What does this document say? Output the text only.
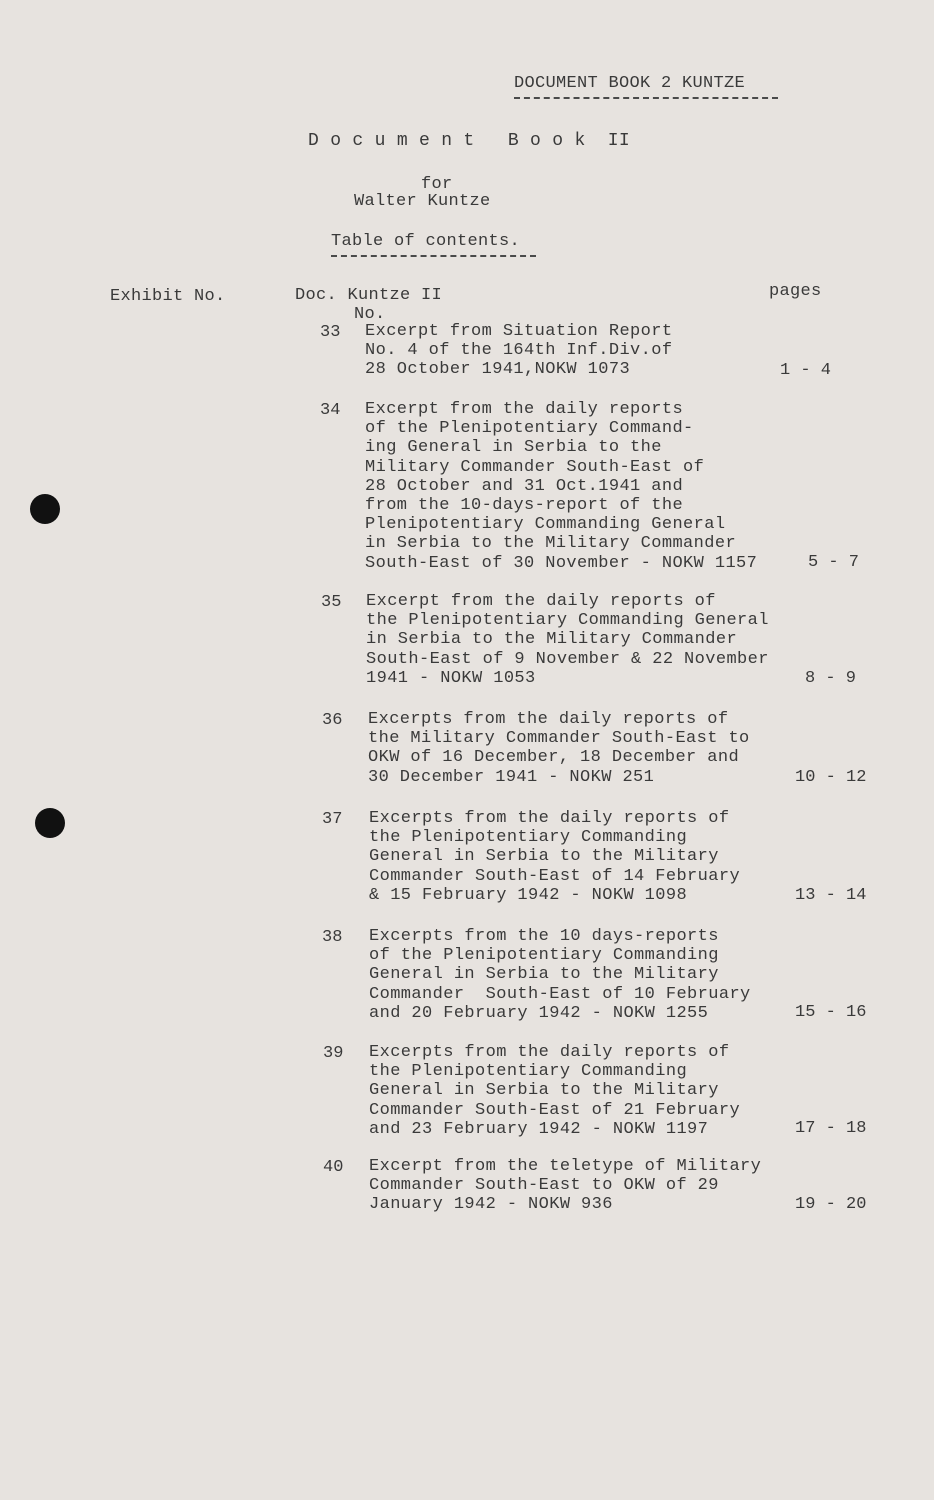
DOCUMENT BOOK 2 KUNTZE
D o c u m e n t   B o o k  II
for
Walter Kuntze
Table of contents.
Exhibit No.	Doc. Kuntze II
No.
pages
33 Excerpt from Situation Report
No. 4 of the 164th Inf.Div.of
28 October 1941,NOKW 1073	1 - 4
34 Excerpt from the daily reports
of the Plenipotentiary Command-
ing General in Serbia to the
Military Commander South-East of
28 October and 31 Oct.1941 and
from the 10-days-report of the
Plenipotentiary Commanding General
in Serbia to the Military Commander
South-East of 30 November - NOKW 1157	5 - 7
35 Excerpt from the daily reports of
the Plenipotentiary Commanding General
in Serbia to the Military Commander
South-East of 9 November & 22 November
1941 - NOKW 1053	8 - 9
36 Excerpts from the daily reports of
the Military Commander South-East to
OKW of 16 December, 18 December and
30 December 1941 - NOKW 251	10 - 12
37 Excerpts from the daily reports of
the Plenipotentiary Commanding
General in Serbia to the Military
Commander South-East of 14 February
& 15 February 1942 - NOKW 1098	13 - 14
38 Excerpts from the 10 days-reports
of the Plenipotentiary Commanding
General in Serbia to the Military
Commander  South-East of 10 February
and 20 February 1942 - NOKW 1255	15 - 16
39 Excerpts from the daily reports of
the Plenipotentiary Commanding
General in Serbia to the Military
Commander South-East of 21 February
and 23 February 1942 - NOKW 1197	17 - 18
40 Excerpt from the teletype of Military
Commander South-East to OKW of 29
January 1942 - NOKW 936	19 - 20
